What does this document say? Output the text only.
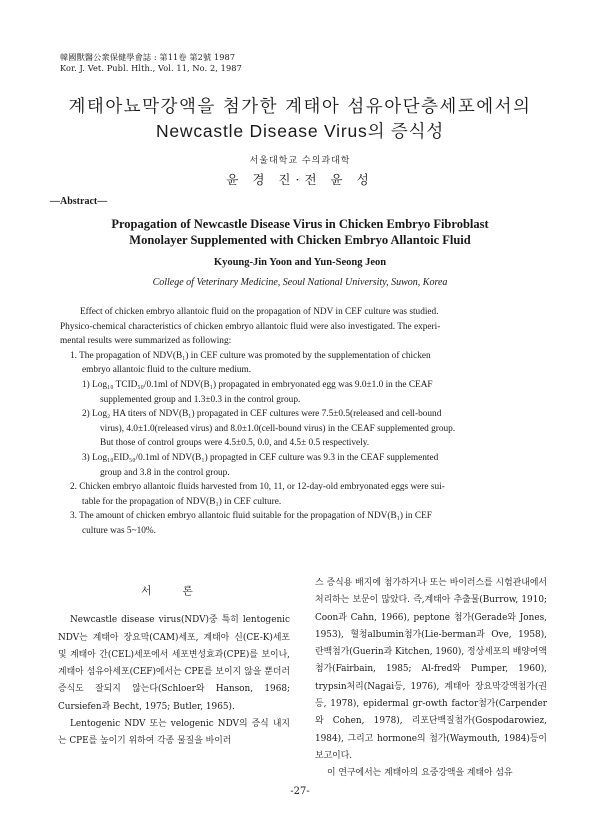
韓國獸醫公衆保健學會誌 : 第11卷 第2號 1987
Kor. J. Vet. Publ. Hlth., Vol. 11, No. 2, 1987
계태아뇨막강액을 첨가한 계태아 섬유아단층세포에서의
Newcastle Disease Virus의 증식성
서울대학교 수의과대학
윤 경 진·전 윤 성
—Abstract—
Propagation of Newcastle Disease Virus in Chicken Embryo Fibroblast
Monolayer Supplemented with Chicken Embryo Allantoic Fluid
Kyoung-Jin Yoon and Yun-Seong Jeon
College of Veterinary Medicine, Seoul National University, Suwon, Korea

Effect of chicken embryo allantoic fluid on the propagation of NDV in CEF culture was studied.

Physico-chemical characteristics of chicken embryo allantoic fluid were also investigated. The experi-

mental results were summarized as following:

1. The propagation of NDV(B₁) in CEF culture was promoted by the supplementation of chicken

embryo allantoic fluid to the culture medium.

1) Log₁₀ TCID₅₀/0.1ml of NDV(B₁) propagated in embryonated egg was 9.0±1.0 in the CEAF

supplemented group and 1.3±0.3 in the control group.

2) Log₂ HA titers of NDV(B₁) propagated in CEF cultures were 7.5±0.5(released and cell-bound

virus), 4.0±1.0(released virus) and 8.0±1.0(cell-bound virus) in the CEAF supplemented group.

But those of control groups were 4.5±0.5, 0.0, and 4.5± 0.5 respectively.

3) Log₁₀EID₅₀/0.1ml of NDV(B₁) propagted in CEF culture was 9.3 in the CEAF supplemented

group and 3.8 in the control group.

2. Chicken embryo allantoic fluids harvested from 10, 11, or 12-day-old embryonated eggs were sui-

table for the propagation of NDV(B₁) in CEF culture.

3. The amount of chicken embryo allantoic fluid suitable for the propagation of NDV(B₁) in CEF

culture was 5~10%.

서 론

Newcastle disease virus(NDV)중 특히 lentogenic NDV는 계태아 장요막(CAM)세포, 계태아 신(CE-K)세포 및 계태아 간(CEL)세포에서 세포변성효과(CPE)를 보이나, 계태아 섬유아세포(CEF)에서는 CPE를 보이지 않을 뿐더러 증식도 잘되지 않는다(Schloer와 Hanson, 1968; Cursiefen과 Becht, 1975; Butler, 1965).

Lentogenic NDV 또는 velogenic NDV의 증식 내지는 CPE를 높이기 위하여 각종 물질을 바이러

스 증식용 배지에 첨가하거나 또는 바이러스를 시험관내에서 처리하는 보문이 많았다. 즉,계태아 추출물(Burrow, 1910; Coon과 Cahn, 1966), peptone 첨가(Gerade와 Jones, 1953), 혈청albumin첨가(Lie-berman과 Ove, 1958), 란백첨가(Guerin과 Kitchen, 1960), 정상세포의 배양여액첨가(Fairbain, 1985; Al-fred와 Pumper, 1960), trypsin처리(Nagai등, 1976), 계태아 장요막강액첨가(권등, 1978), epidermal gr-owth factor첨가(Carpender와 Cohen, 1978), 리포단백질첨가(Gospodarowiez, 1984), 그리고 hormone의 첨가(Waymouth, 1984)등이 보고이다.

이 연구에서는 계태아의 요중강액을 계태아 섬유

-27-
